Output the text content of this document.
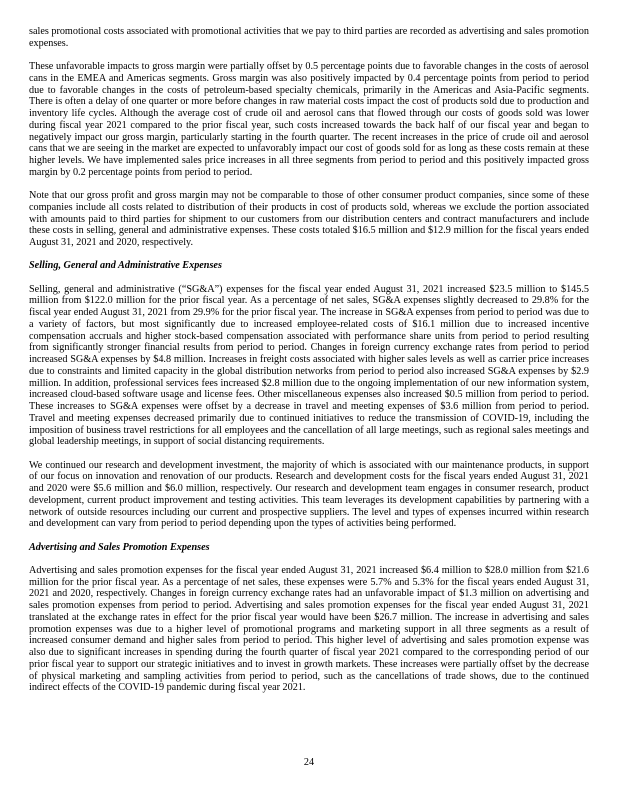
sales promotional costs associated with promotional activities that we pay to third parties are recorded as advertising and sales promotion expenses.

These unfavorable impacts to gross margin were partially offset by 0.5 percentage points due to favorable changes in the costs of aerosol cans in the EMEA and Americas segments. Gross margin was also positively impacted by 0.4 percentage points from period to period due to favorable changes in the costs of petroleum-based specialty chemicals, primarily in the Americas and Asia-Pacific segments. There is often a delay of one quarter or more before changes in raw material costs impact the cost of products sold due to production and inventory life cycles. Although the average cost of crude oil and aerosol cans that flowed through our costs of goods sold was lower during fiscal year 2021 compared to the prior fiscal year, such costs increased towards the back half of our fiscal year and began to negatively impact our gross margin, particularly starting in the fourth quarter. The recent increases in the price of crude oil and aerosol cans that we are seeing in the market are expected to unfavorably impact our cost of goods sold for as long as these costs remain at these higher levels. We have implemented sales price increases in all three segments from period to period and this positively impacted gross margin by 0.2 percentage points from period to period.

Note that our gross profit and gross margin may not be comparable to those of other consumer product companies, since some of these companies include all costs related to distribution of their products in cost of products sold, whereas we exclude the portion associated with amounts paid to third parties for shipment to our customers from our distribution centers and contract manufacturers and include these costs in selling, general and administrative expenses. These costs totaled $16.5 million and $12.9 million for the fiscal years ended August 31, 2021 and 2020, respectively.

Selling, General and Administrative Expenses

Selling, general and administrative (“SG&A”) expenses for the fiscal year ended August 31, 2021 increased $23.5 million to $145.5 million from $122.0 million for the prior fiscal year. As a percentage of net sales, SG&A expenses slightly decreased to 29.8% for the fiscal year ended August 31, 2021 from 29.9% for the prior fiscal year. The increase in SG&A expenses from period to period was due to a variety of factors, but most significantly due to increased employee-related costs of $16.1 million due to increased incentive compensation accruals and higher stock-based compensation associated with performance share units from period to period resulting from significantly stronger financial results from period to period. Changes in foreign currency exchange rates from period to period increased SG&A expenses by $4.8 million. Increases in freight costs associated with higher sales levels as well as carrier price increases due to constraints and limited capacity in the global distribution networks from period to period also increased SG&A expenses by $2.9 million. In addition, professional services fees increased $2.8 million due to the ongoing implementation of our new information system, increased cloud-based software usage and license fees. Other miscellaneous expenses also increased $0.5 million from period to period. These increases to SG&A expenses were offset by a decrease in travel and meeting expenses of $3.6 million from period to period. Travel and meeting expenses decreased primarily due to continued initiatives to reduce the transmission of COVID-19, including the imposition of business travel restrictions for all employees and the cancellation of all large meetings, such as regional sales meetings and global leadership meetings, in support of social distancing requirements.

We continued our research and development investment, the majority of which is associated with our maintenance products, in support of our focus on innovation and renovation of our products. Research and development costs for the fiscal years ended August 31, 2021 and 2020 were $5.6 million and $6.0 million, respectively. Our research and development team engages in consumer research, product development, current product improvement and testing activities. This team leverages its development capabilities by partnering with a network of outside resources including our current and prospective suppliers. The level and types of expenses incurred within research and development can vary from period to period depending upon the types of activities being performed.

Advertising and Sales Promotion Expenses

Advertising and sales promotion expenses for the fiscal year ended August 31, 2021 increased $6.4 million to $28.0 million from $21.6 million for the prior fiscal year. As a percentage of net sales, these expenses were 5.7% and 5.3% for the fiscal years ended August 31, 2021 and 2020, respectively. Changes in foreign currency exchange rates had an unfavorable impact of $1.3 million on advertising and sales promotion expenses from period to period. Advertising and sales promotion expenses for the fiscal year ended August 31, 2021 translated at the exchange rates in effect for the prior fiscal year would have been $26.7 million. The increase in advertising and sales promotion expenses was due to a higher level of promotional programs and marketing support in all three segments as a result of increased consumer demand and higher sales from period to period. This higher level of advertising and sales promotion expense was also due to significant increases in spending during the fourth quarter of fiscal year 2021 compared to the corresponding period of our prior fiscal year to support our strategic initiatives and to invest in growth markets. These increases were partially offset by the decrease of physical marketing and sampling activities from period to period, such as the cancellations of trade shows, due to the continued indirect effects of the COVID-19 pandemic during fiscal year 2021.

24
